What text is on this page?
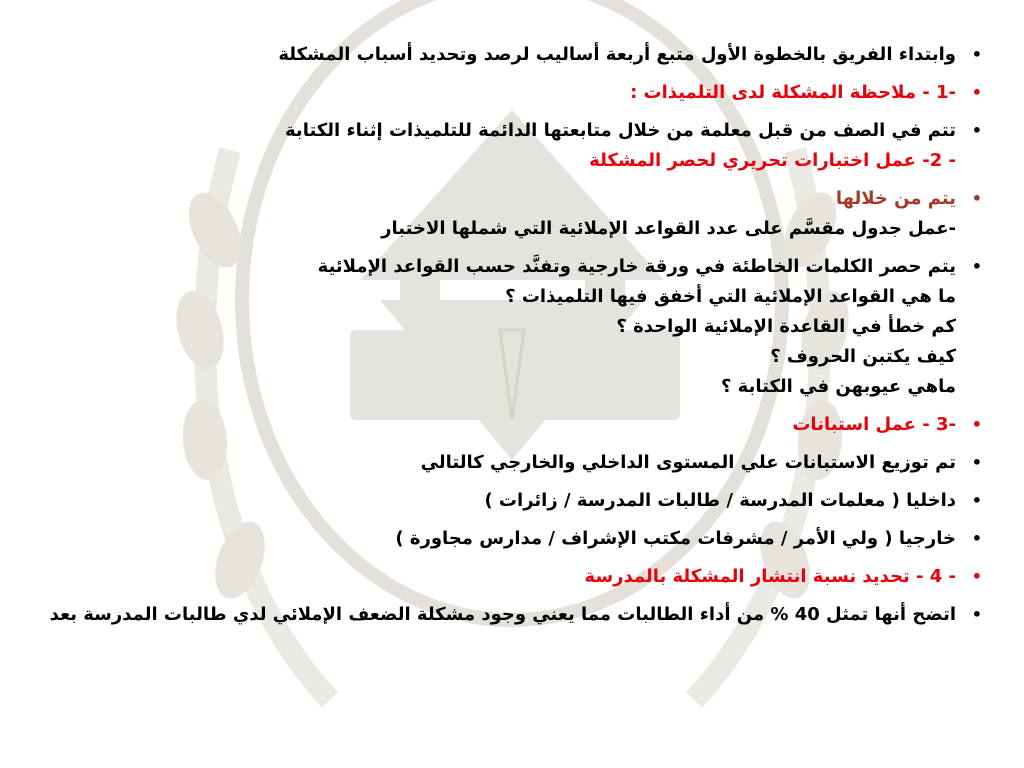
•
وابتداء الفريق بالخطوة الأول متبع أربعة أساليب لرصد وتحديد أسباب المشكلة
•
-1 - ملاحظة المشكلة لدى التلميذات :
•
تتم في الصف من قبل معلمة من خلال متابعتها الدائمة للتلميذات إثناء الكتابة
- 2- عمل اختبارات تحريري لحصر المشكلة
•
يتم من خلالها
-عمل جدول مقسَّم على عدد القواعد الإملائية التي شملها الاختبار
•
يتم حصر الكلمات الخاطئة في ورقة خارجية وتفنَّد حسب القواعد الإملائية
ما هي القواعد الإملائية التي أخفق فيها التلميذات ؟
كم خطأ في القاعدة الإملائية الواحدة ؟
كيف يكتبن الحروف ؟
ماهي عيوبهن في الكتابة ؟
•
-3 - عمل استبانات
•
تم توزيع الاستبانات علي المستوى الداخلي والخارجي كالتالي
•
داخليا ( معلمات المدرسة / طالبات المدرسة / زائرات )
•
خارجيا ( ولي الأمر / مشرفات مكتب الإشراف / مدارس مجاورة )
•
- 4 - تحديد نسبة انتشار المشكلة بالمدرسة
•
اتضح أنها تمثل 40 % من أداء الطالبات مما يعني وجود مشكلة الضعف الإملائي لدي طالبات المدرسة بعد
